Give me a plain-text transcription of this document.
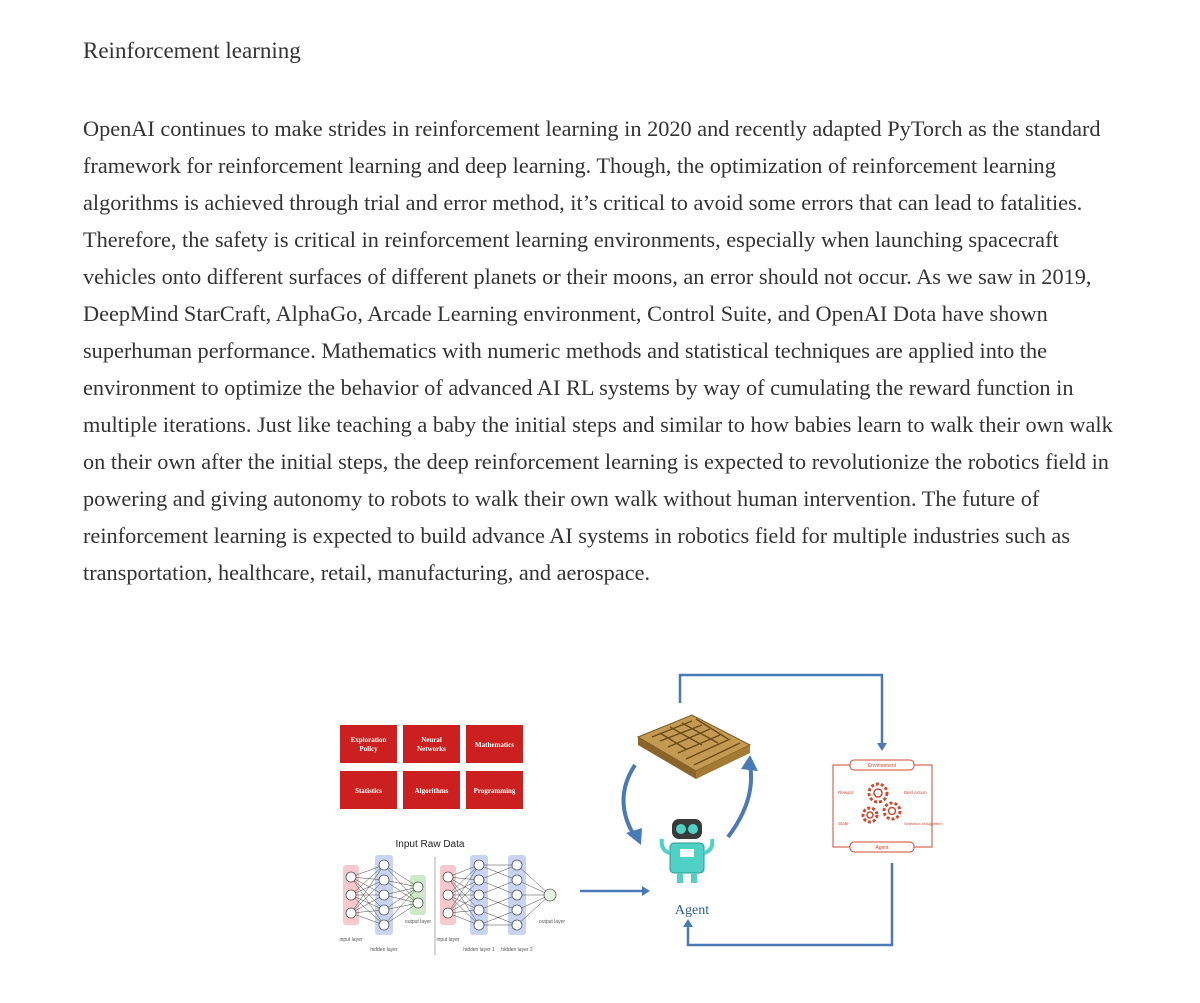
Reinforcement learning

OpenAI continues to make strides in reinforcement learning in 2020 and recently adapted PyTorch as the standard framework for reinforcement learning and deep learning. Though, the optimization of reinforcement learning algorithms is achieved through trial and error method, it’s critical to avoid some errors that can lead to fatalities. Therefore, the safety is critical in reinforcement learning environments, especially when launching spacecraft vehicles onto different surfaces of different planets or their moons, an error should not occur. As we saw in 2019, DeepMind StarCraft, AlphaGo, Arcade Learning environment, Control Suite, and OpenAI Dota have shown superhuman performance. Mathematics with numeric methods and statistical techniques are applied into the environment to optimize the behavior of advanced AI RL systems by way of cumulating the reward function in multiple iterations. Just like teaching a baby the initial steps and similar to how babies learn to walk their own walk on their own after the initial steps, the deep reinforcement learning is expected to revolutionize the robotics field in powering and giving autonomy to robots to walk their own walk without human intervention. The future of reinforcement learning is expected to build advance AI systems in robotics field for multiple industries such as transportation, healthcare, retail, manufacturing, and aerospace.

Exploration
Policy
Neural
Networks	Mathematics
Statistics	Algorithms	Programming
Input Raw Data
input layer
hidden layer
output layer
input layer
hidden layer 1 hidden layer 2
output layer
Agent
Environment
Agent
Reward
State
Best Action
Selection of Algorithm
